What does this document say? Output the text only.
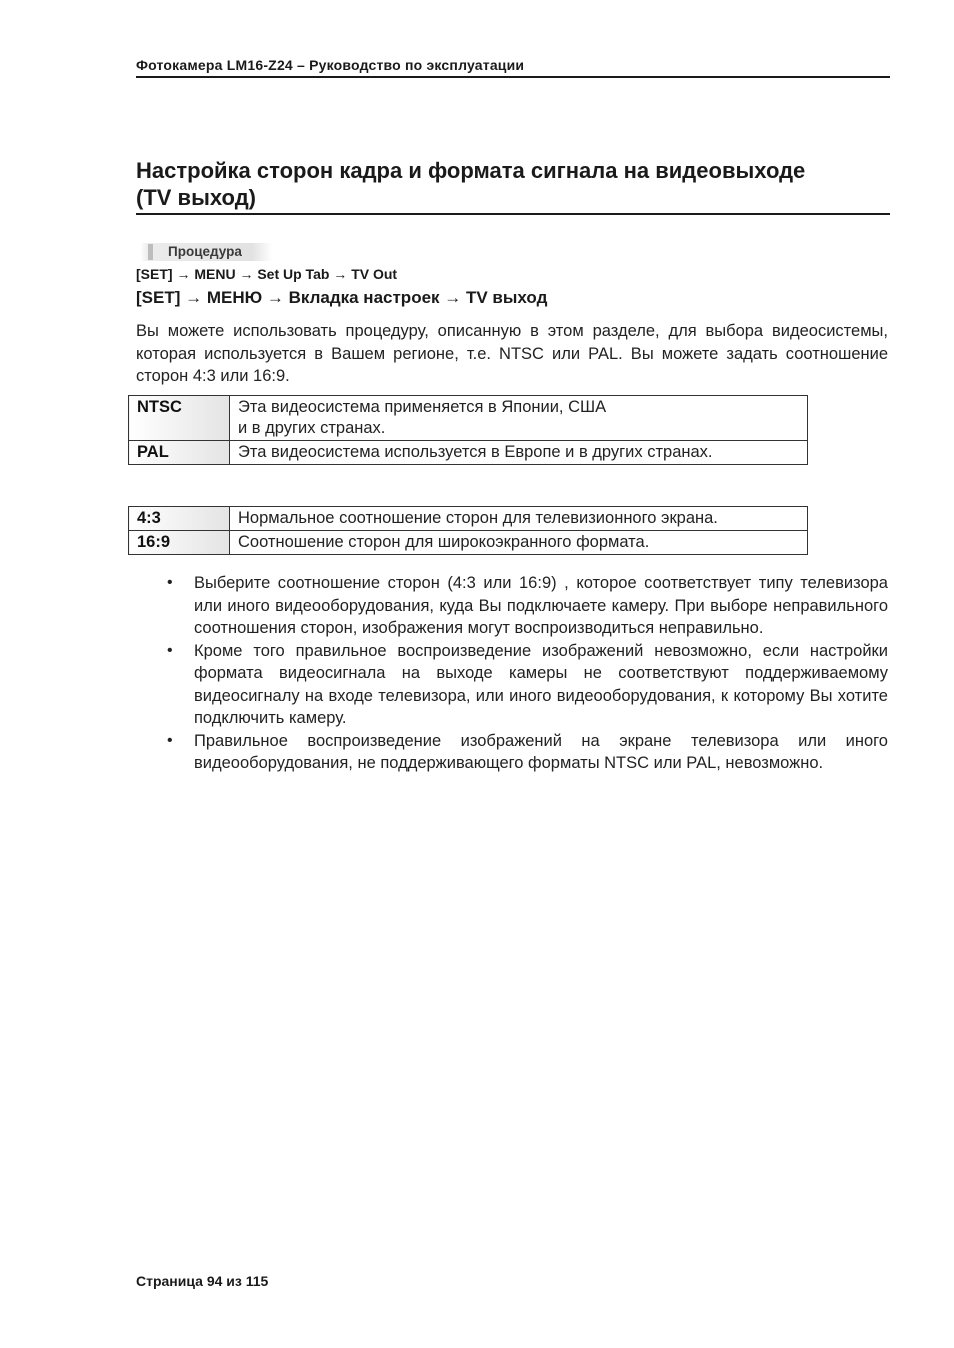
Фотокамера LM16-Z24 – Руководство по эксплуатации
Настройка сторон кадра и формата сигнала на видеовыходе
(TV выход)
Процедура
[SET] → MENU → Set Up Tab → TV Out
[SET] → МЕНЮ → Вкладка настроек → TV выход
Вы можете использовать процедуру, описанную в этом разделе, для выбора видеосистемы, которая используется в Вашем регионе, т.е. NTSC или PAL. Вы можете задать соотношение сторон 4:3 или 16:9.
NTSC	Эта видеосистема применяется в Японии, США
и в других странах.

PAL	Эта видеосистема используется в Европе и в других странах.
4:3	Нормальное соотношение сторон для телевизионного экрана.
16:9	Соотношение сторон для широкоэкранного формата.
• Выберите соотношение сторон (4:3 или 16:9) , которое соответствует типу телевизора или иного видеооборудования, куда Вы подключаете камеру. При выборе неправильного соотношения сторон, изображения могут воспроизводиться неправильно.
• Кроме того правильное воспроизведение изображений невозможно, если настройки формата видеосигнала на выходе камеры не соответствуют поддерживаемому видеосигналу на входе телевизора, или иного видеооборудования, к которому Вы хотите подключить камеру.
• Правильное воспроизведение изображений на экране телевизора или иного видеооборудования, не поддерживающего форматы NTSC или PAL, невозможно.
Страница 94 из 115
